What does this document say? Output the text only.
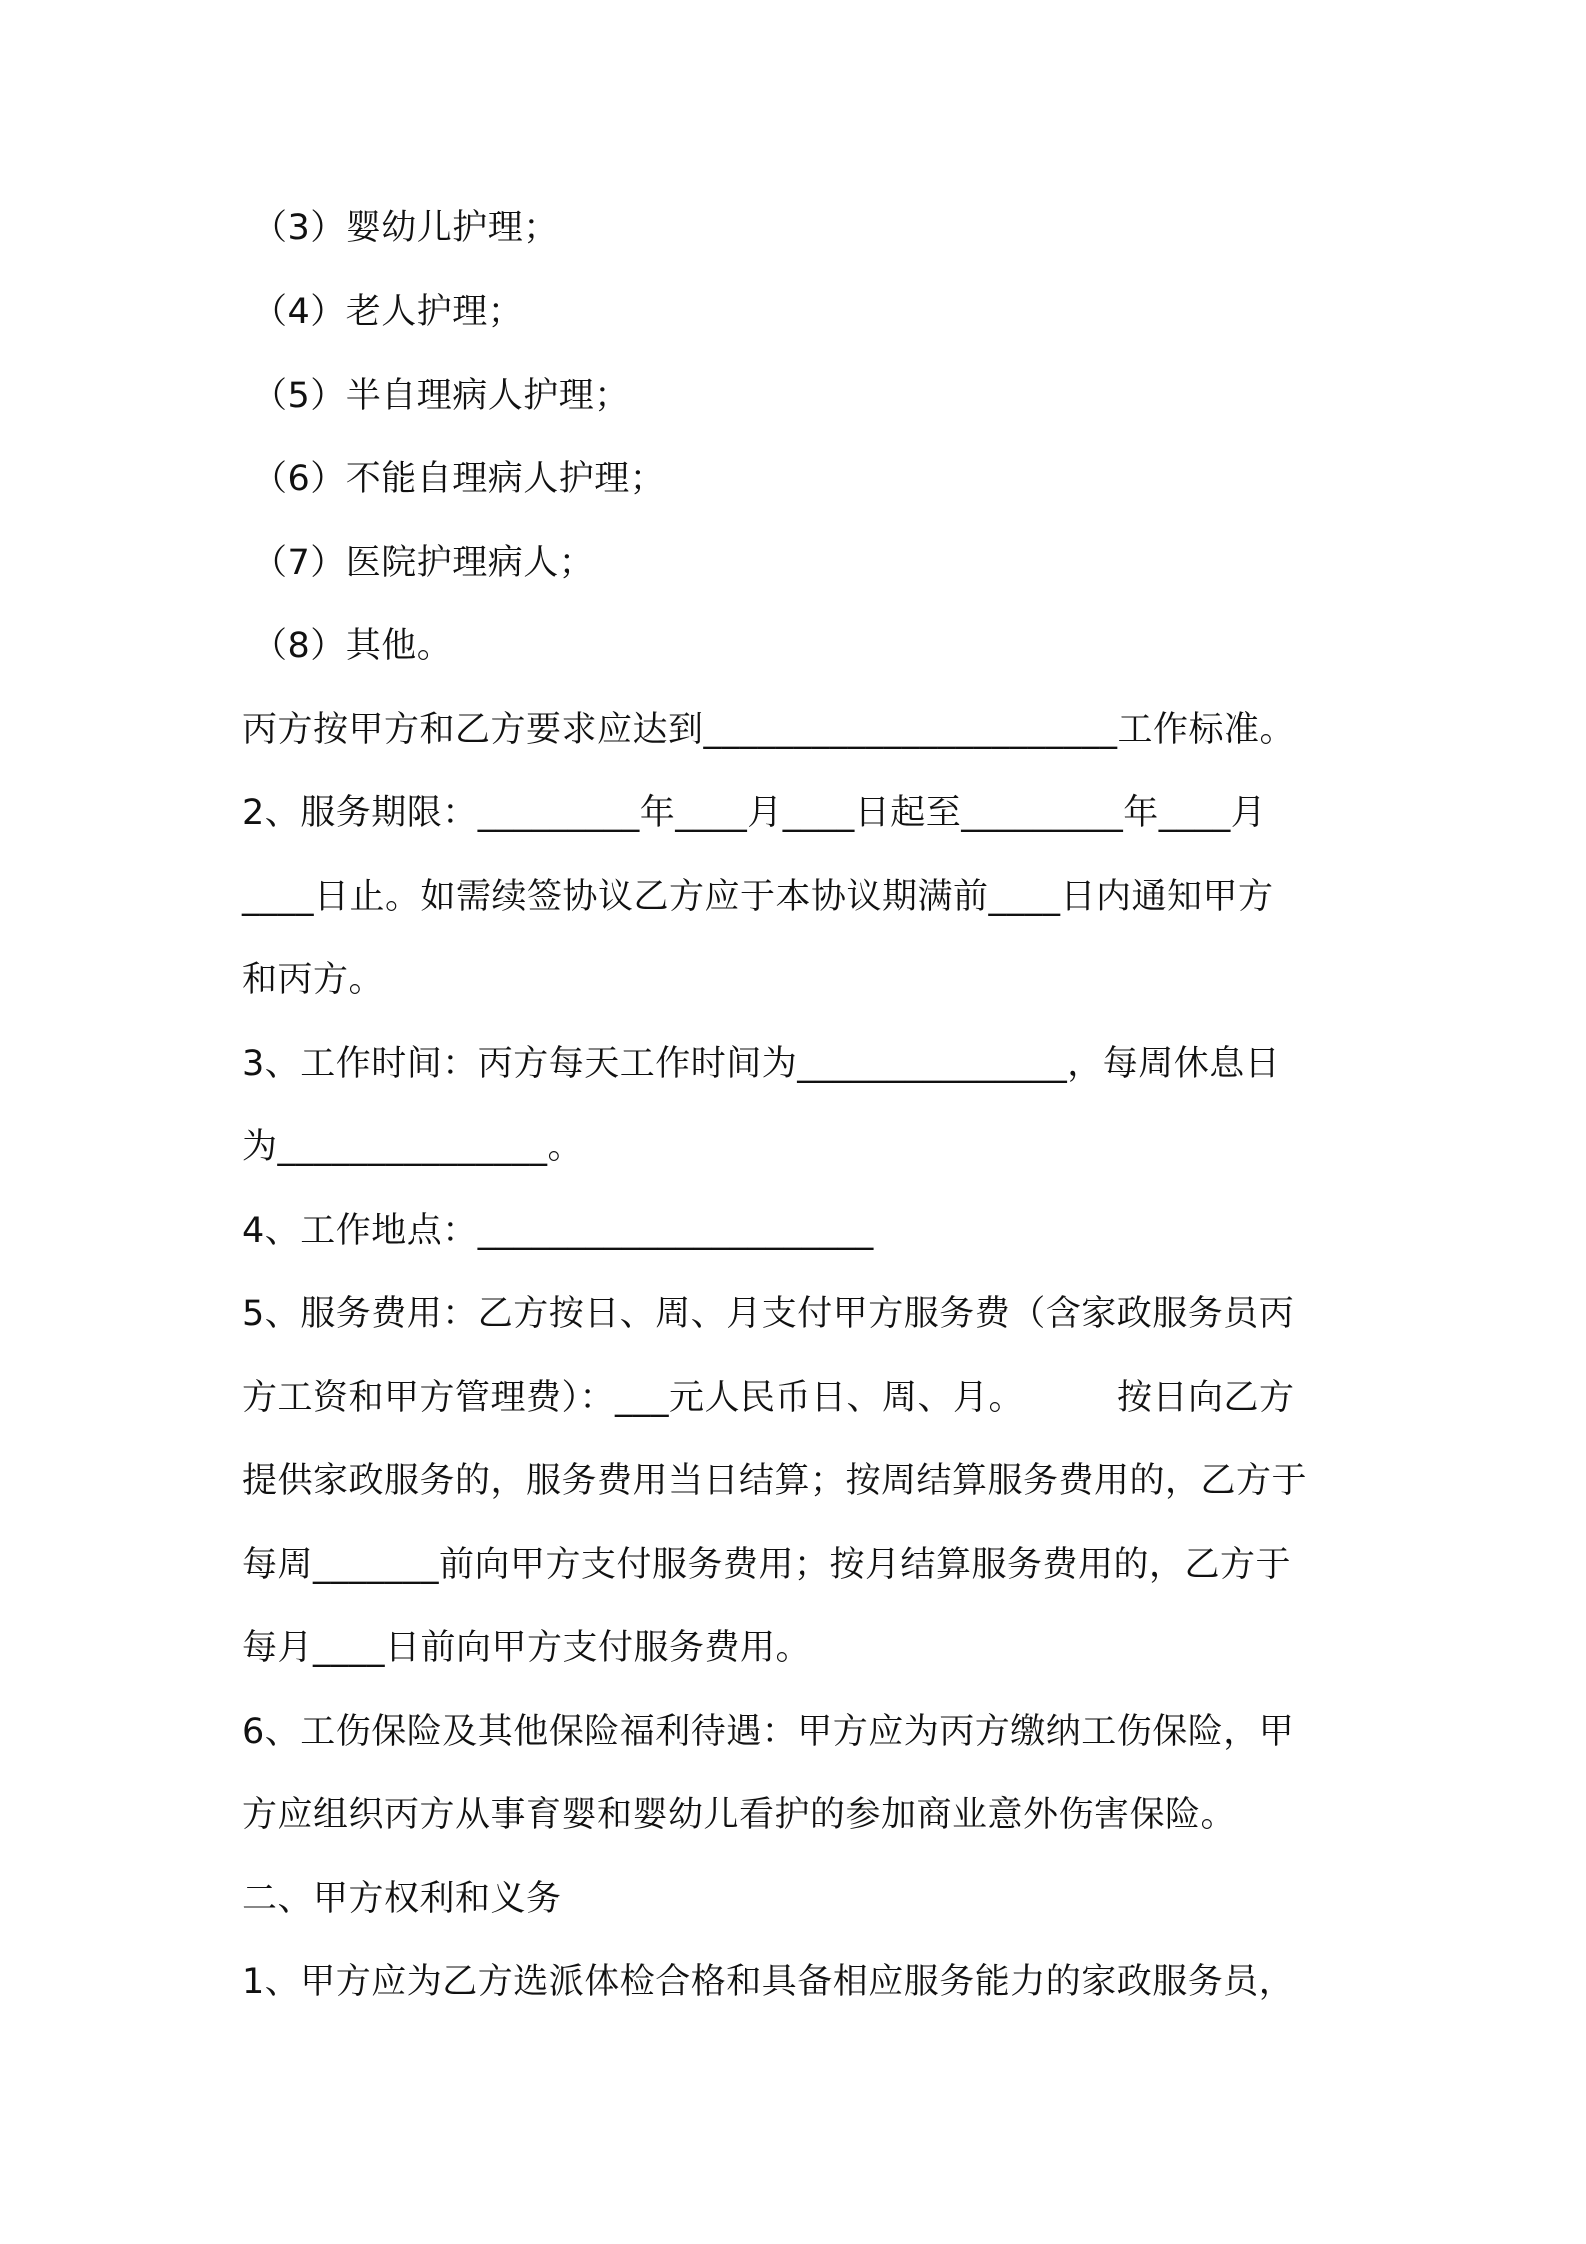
（3）婴幼儿护理；
（4）老人护理；
（5）半自理病人护理；
（6）不能自理病人护理；
（7）医院护理病人；
（8）其他。
丙方按甲方和乙方要求应达到_______________________工作标准。
2、服务期限：_________年____月____日起至_________年____月
____日止。如需续签协议乙方应于本协议期满前____日内通知甲方
和丙方。
3、工作时间：丙方每天工作时间为_______________，每周休息日
为_______________。
4、工作地点：______________________
5、服务费用：乙方按日、周、月支付甲方服务费（含家政服务员丙
方工资和甲方管理费）：___元人民币日、周、月。        按日向乙方
提供家政服务的，服务费用当日结算；按周结算服务费用的，乙方于
每周_______前向甲方支付服务费用；按月结算服务费用的，乙方于
每月____日前向甲方支付服务费用。
6、工伤保险及其他保险福利待遇：甲方应为丙方缴纳工伤保险，甲
方应组织丙方从事育婴和婴幼儿看护的参加商业意外伤害保险。
二、甲方权利和义务
1、甲方应为乙方选派体检合格和具备相应服务能力的家政服务员，
